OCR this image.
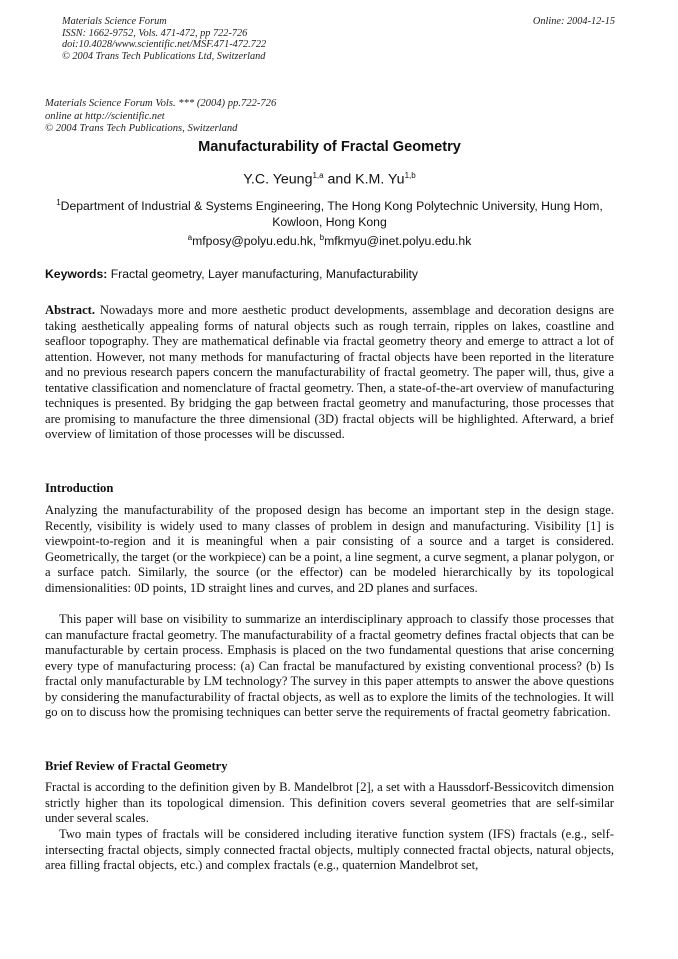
Materials Science Forum
ISSN: 1662-9752, Vols. 471-472, pp 722-726
doi:10.4028/www.scientific.net/MSF.471-472.722
© 2004 Trans Tech Publications Ltd, Switzerland
Online: 2004-12-15
Materials Science Forum Vols. *** (2004) pp.722-726
online at http://scientific.net
© 2004 Trans Tech Publications, Switzerland
Manufacturability of Fractal Geometry
Y.C. Yeung$^{1,a}$ and K.M. Yu$^{1,b}$
$^1$Department of Industrial & Systems Engineering, The Hong Kong Polytechnic University, Hung Hom, Kowloon, Hong Kong
$^a$mfposy@polyu.edu.hk, $^b$mfkmyu@inet.polyu.edu.hk
Keywords: Fractal geometry, Layer manufacturing, Manufacturability

Abstract. Nowadays more and more aesthetic product developments, assemblage and decoration designs are taking aesthetically appealing forms of natural objects such as rough terrain, ripples on lakes, coastline and seafloor topography. They are mathematical definable via fractal geometry theory and emerge to attract a lot of attention. However, not many methods for manufacturing of fractal objects have been reported in the literature and no previous research papers concern the manufacturability of fractal geometry. The paper will, thus, give a tentative classification and nomenclature of fractal geometry. Then, a state-of-the-art overview of manufacturing techniques is presented. By bridging the gap between fractal geometry and manufacturing, those processes that are promising to manufacture the three dimensional (3D) fractal objects will be highlighted. Afterward, a brief overview of limitation of those processes will be discussed.

Introduction

Analyzing the manufacturability of the proposed design has become an important step in the design stage. Recently, visibility is widely used to many classes of problem in design and manufacturing. Visibility [1] is viewpoint-to-region and it is meaningful when a pair consisting of a source and a target is considered. Geometrically, the target (or the workpiece) can be a point, a line segment, a curve segment, a planar polygon, or a surface patch. Similarly, the source (or the effector) can be modeled hierarchically by its topological dimensionalities: 0D points, 1D straight lines and curves, and 2D planes and surfaces.

This paper will base on visibility to summarize an interdisciplinary approach to classify those processes that can manufacture fractal geometry. The manufacturability of a fractal geometry defines fractal objects that can be manufacturable by certain process. Emphasis is placed on the two fundamental questions that arise concerning every type of manufacturing process: (a) Can fractal be manufactured by existing conventional process? (b) Is fractal only manufacturable by LM technology? The survey in this paper attempts to answer the above questions by considering the manufacturability of fractal objects, as well as to explore the limits of the technologies. It will go on to discuss how the promising techniques can better serve the requirements of fractal geometry fabrication.

Brief Review of Fractal Geometry

Fractal is according to the definition given by B. Mandelbrot [2], a set with a Haussdorf-Bessicovitch dimension strictly higher than its topological dimension. This definition covers several geometries that are self-similar under several scales.

Two main types of fractals will be considered including iterative function system (IFS) fractals (e.g., self-intersecting fractal objects, simply connected fractal objects, multiply connected fractal objects, natural objects, area filling fractal objects, etc.) and complex fractals (e.g., quaternion Mandelbrot set,
